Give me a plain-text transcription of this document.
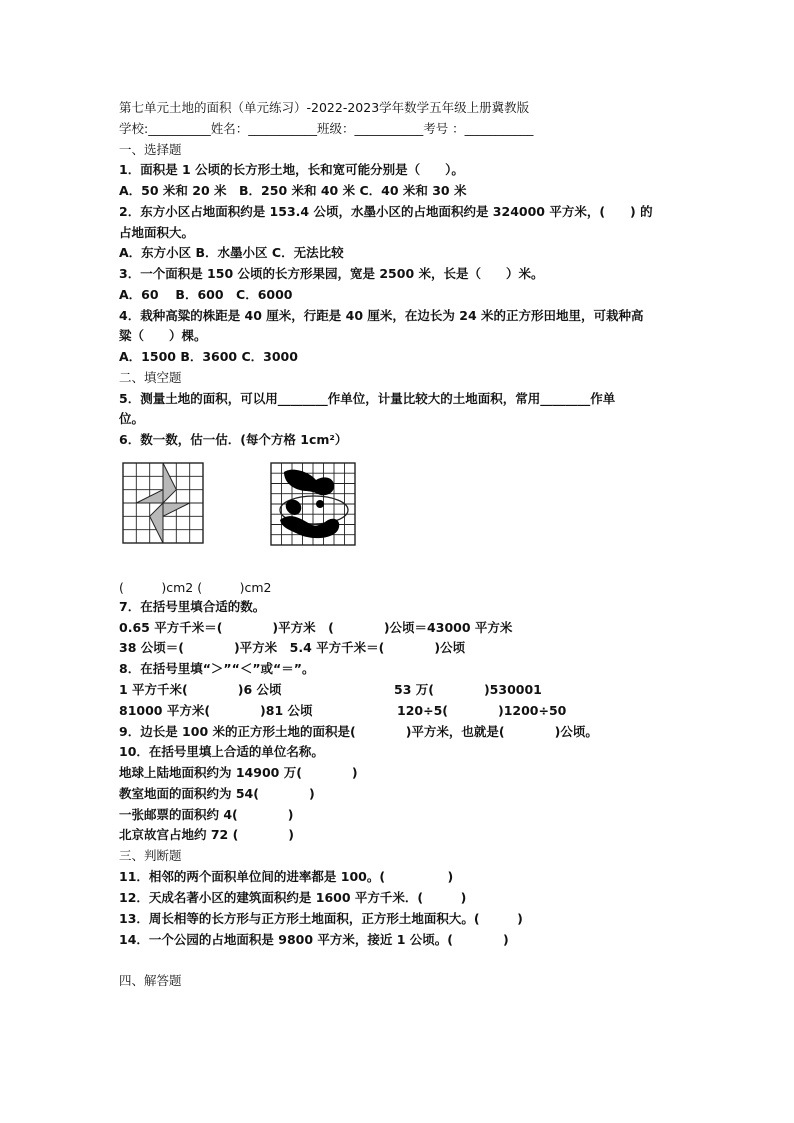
第七单元土地的面积（单元练习）-2022-2023学年数学五年级上册冀教版
学校:__________姓名：___________班级：___________考号 ：___________
一、选择题
1．面积是 1 公顷的长方形土地，长和宽可能分别是（　　）。
A．50 米和 20 米　B．250 米和 40 米 C．40 米和 30 米
2．东方小区占地面积约是 153.4 公顷，水墨小区的占地面积约是 324000 平方米，(　　) 的
占地面积大。
A．东方小区 B．水墨小区 C．无法比较
3．一个面积是 150 公顷的长方形果园，宽是 2500 米，长是（　　）米。
A．60　 B．600　C．6000
4．栽种高粱的株距是 40 厘米，行距是 40 厘米，在边长为 24 米的正方形田地里，可栽种高
粱（　　）棵。
A．1500 B．3600 C．3000
二、填空题
5．测量土地的面积，可以用________作单位，计量比较大的土地面积，常用________作单
位。
6．数一数，估一估．(每个方格 1cm²）
(　　　)cm2 (　　　)cm2
7．在括号里填合适的数。
0.65 平方千米＝(　　　　)平方米　(　　　　)公顷＝43000 平方米
38 公顷＝(　　　　)平方米　5.4 平方千米＝(　　　　)公顷
8．在括号里填“＞”“＜”或“＝”。
1 平方千米(　　　　)6 公顷	53 万(　　　　)530001
81000 平方米(　　　　)81 公顷	120÷5(　　　　)1200÷50
9．边长是 100 米的正方形土地的面积是(　　　　)平方米，也就是(　　　　)公顷。
10．在括号里填上合适的单位名称。
地球上陆地面积约为 14900 万(　　　　)
教室地面的面积约为 54(　　　　)
一张邮票的面积约 4(　　　　)
北京故宫占地约 72 (　　　　)
三、判断题
11．相邻的两个面积单位间的进率都是 100。(　　　　　)
12．天成名著小区的建筑面积约是 1600 平方千米．(　　　)
13．周长相等的长方形与正方形土地面积，正方形土地面积大。(　　　)
14．一个公园的占地面积是 9800 平方米，接近 1 公顷。(　　　　)
四、解答题
